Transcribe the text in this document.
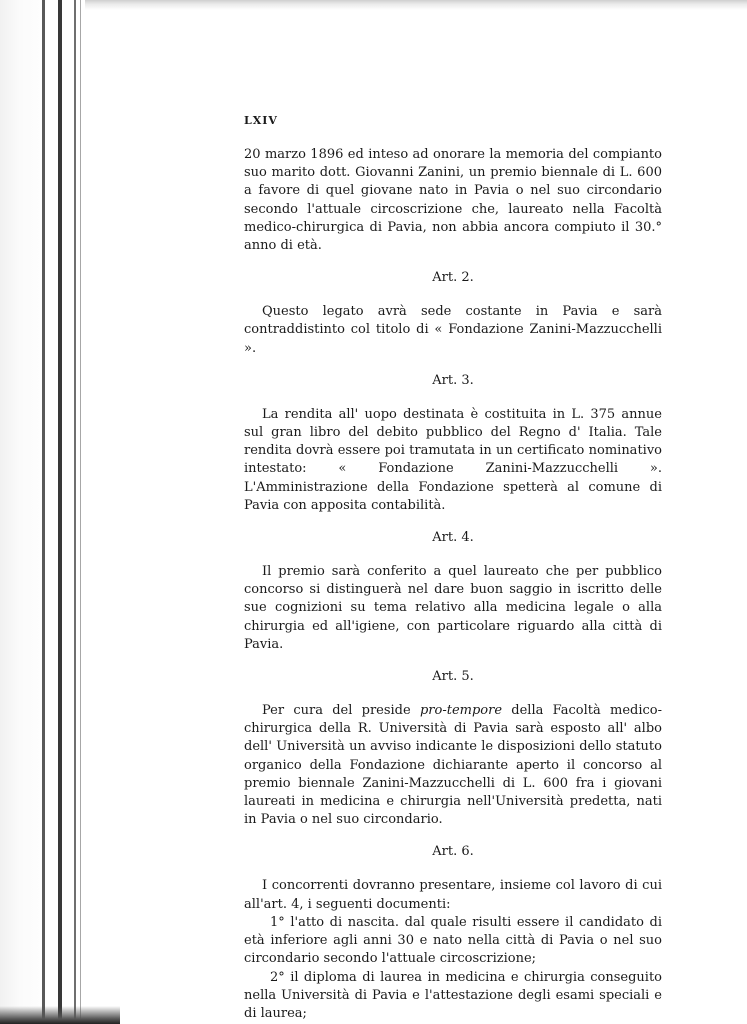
LXIV

20 marzo 1896 ed inteso ad onorare la memoria del compianto suo marito dott. Giovanni Zanini, un premio biennale di L. 600 a favore di quel giovane nato in Pavia o nel suo circondario secondo l'attuale circoscrizione che, laureato nella Facoltà medico-chirurgica di Pavia, non abbia ancora compiuto il 30.° anno di età.

Art. 2.

Questo legato avrà sede costante in Pavia e sarà contraddistinto col titolo di « Fondazione Zanini-Mazzucchelli ».

Art. 3.

La rendita all' uopo destinata è costituita in L. 375 annue sul gran libro del debito pubblico del Regno d' Italia. Tale rendita dovrà essere poi tramutata in un certificato nominativo intestato: « Fondazione Zanini-Mazzucchelli ». L'Amministrazione della Fondazione spetterà al comune di Pavia con apposita contabilità.

Art. 4.

Il premio sarà conferito a quel laureato che per pubblico concorso si distinguerà nel dare buon saggio in iscritto delle sue cognizioni su tema relativo alla medicina legale o alla chirurgia ed all'igiene, con particolare riguardo alla città di Pavia.

Art. 5.

Per cura del preside pro-tempore della Facoltà medico-chirurgica della R. Università di Pavia sarà esposto all' albo dell' Università un avviso indicante le disposizioni dello statuto organico della Fondazione dichiarante aperto il concorso al premio biennale Zanini-Mazzucchelli di L. 600 fra i giovani laureati in medicina e chirurgia nell'Università predetta, nati in Pavia o nel suo circondario.

Art. 6.

I concorrenti dovranno presentare, insieme col lavoro di cui all'art. 4, i seguenti documenti:

1° l'atto di nascita. dal quale risulti essere il candidato di età inferiore agli anni 30 e nato nella città di Pavia o nel suo circondario secondo l'attuale circoscrizione;

2° il diploma di laurea in medicina e chirurgia conseguito nella Università di Pavia e l'attestazione degli esami speciali e di laurea;
